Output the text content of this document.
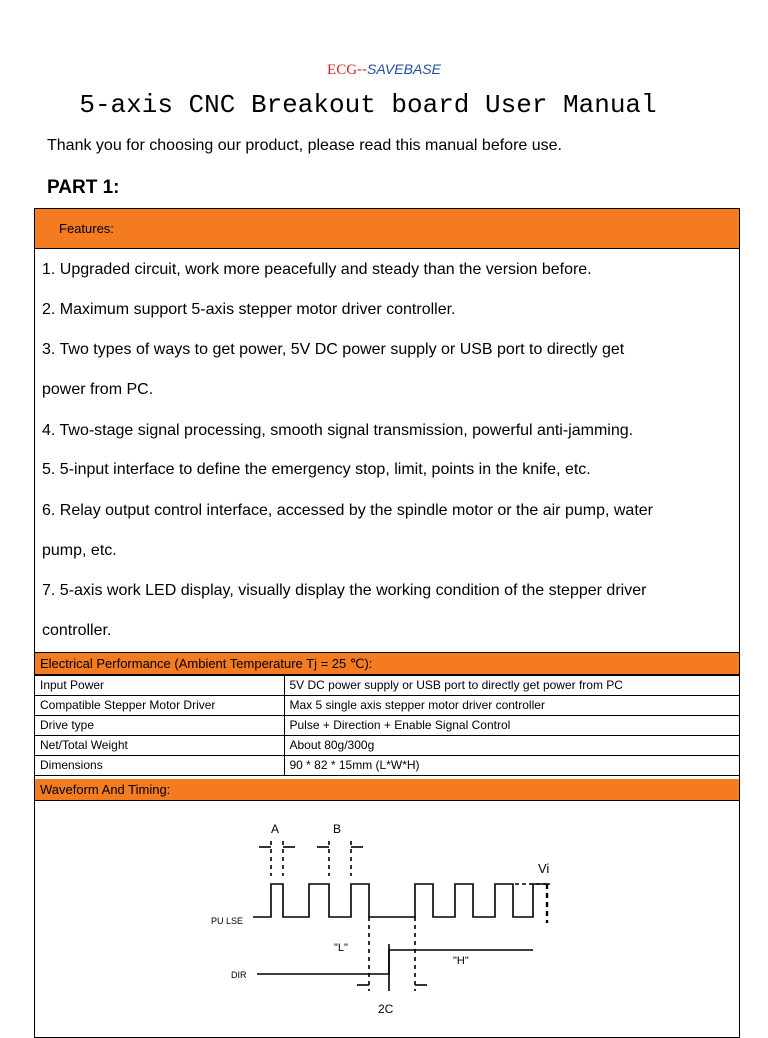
ECG--SAVEBASE
5-axis CNC Breakout board User Manual
Thank you for choosing our product, please read this manual before use.
PART 1:
Features:
1. Upgraded circuit, work more peacefully and steady than the version before.
2. Maximum support 5-axis stepper motor driver controller.
3. Two types of ways to get power, 5V DC power supply or USB port to directly get
power from PC.
4. Two-stage signal processing, smooth signal transmission, powerful anti-jamming.
5. 5-input interface to define the emergency stop, limit, points in the knife, etc.
6. Relay output control interface, accessed by the spindle motor or the air pump, water
pump, etc.
7. 5-axis work LED display, visually display the working condition of the stepper driver
controller.
Electrical Performance (Ambient Temperature Tj = 25 ℃):
Input Power	5V DC power supply or USB port to directly get power from PC
Compatible Stepper Motor Driver	Max 5 single axis stepper motor driver controller
Drive type	Pulse + Direction + Enable Signal Control
Net/Total Weight	About 80g/300g
Dimensions	90 * 82 * 15mm (L*W*H)
Waveform And Timing:
A	B
Vi
PU LSE
"L"
"H"
DIR
2C
